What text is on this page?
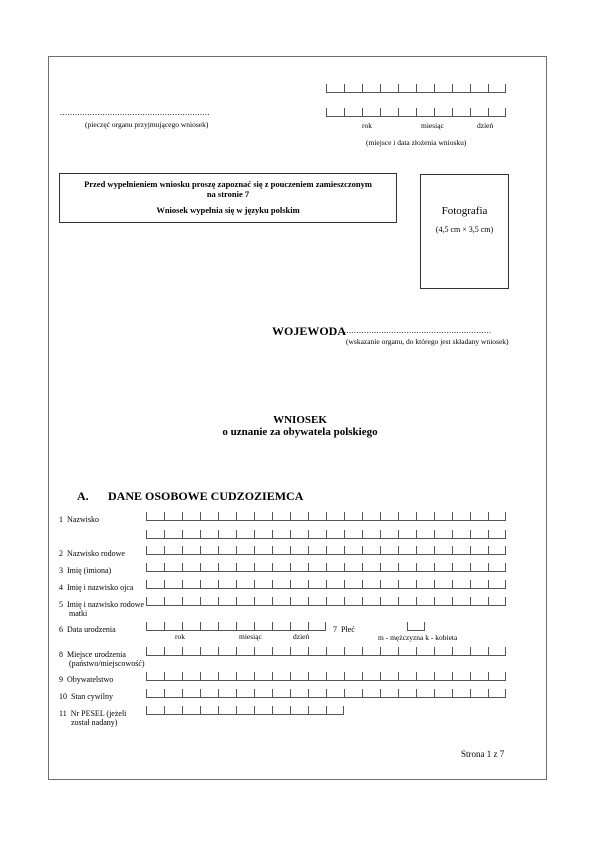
............................................................
(pieczęć organu przyjmującego wniosek)	rok	miesiąc	dzień
(miejsce i data złożenia wniosku)
Przed wypełnieniem wniosku proszę zapoznać się z pouczeniem zamieszczonym
na stronie 7
Wniosek wypełnia się w języku polskim	Fotografia
(4,5 cm × 3,5 cm)
WOJEWODA
...........................................................
(wskazanie organu, do którego jest składany wniosek)
WNIOSEK
o uznanie za obywatela polskiego
A. DANE OSOBOWE CUDZOZIEMCA
1 Nazwisko
2 Nazwisko rodowe
3 Imię (imiona)
4 Imię i nazwisko ojca
5 Imię i nazwisko rodowe
matki
6 Data urodzenia
rok	miesiąc	dzień
7 Płeć
m - mężczyzna k - kobieta
8 Miejsce urodzenia
(państwo/miejscowość)
9 Obywatelstwo
10 Stan cywilny
11 Nr PESEL (jeżeli
został nadany)
Strona 1 z 7
